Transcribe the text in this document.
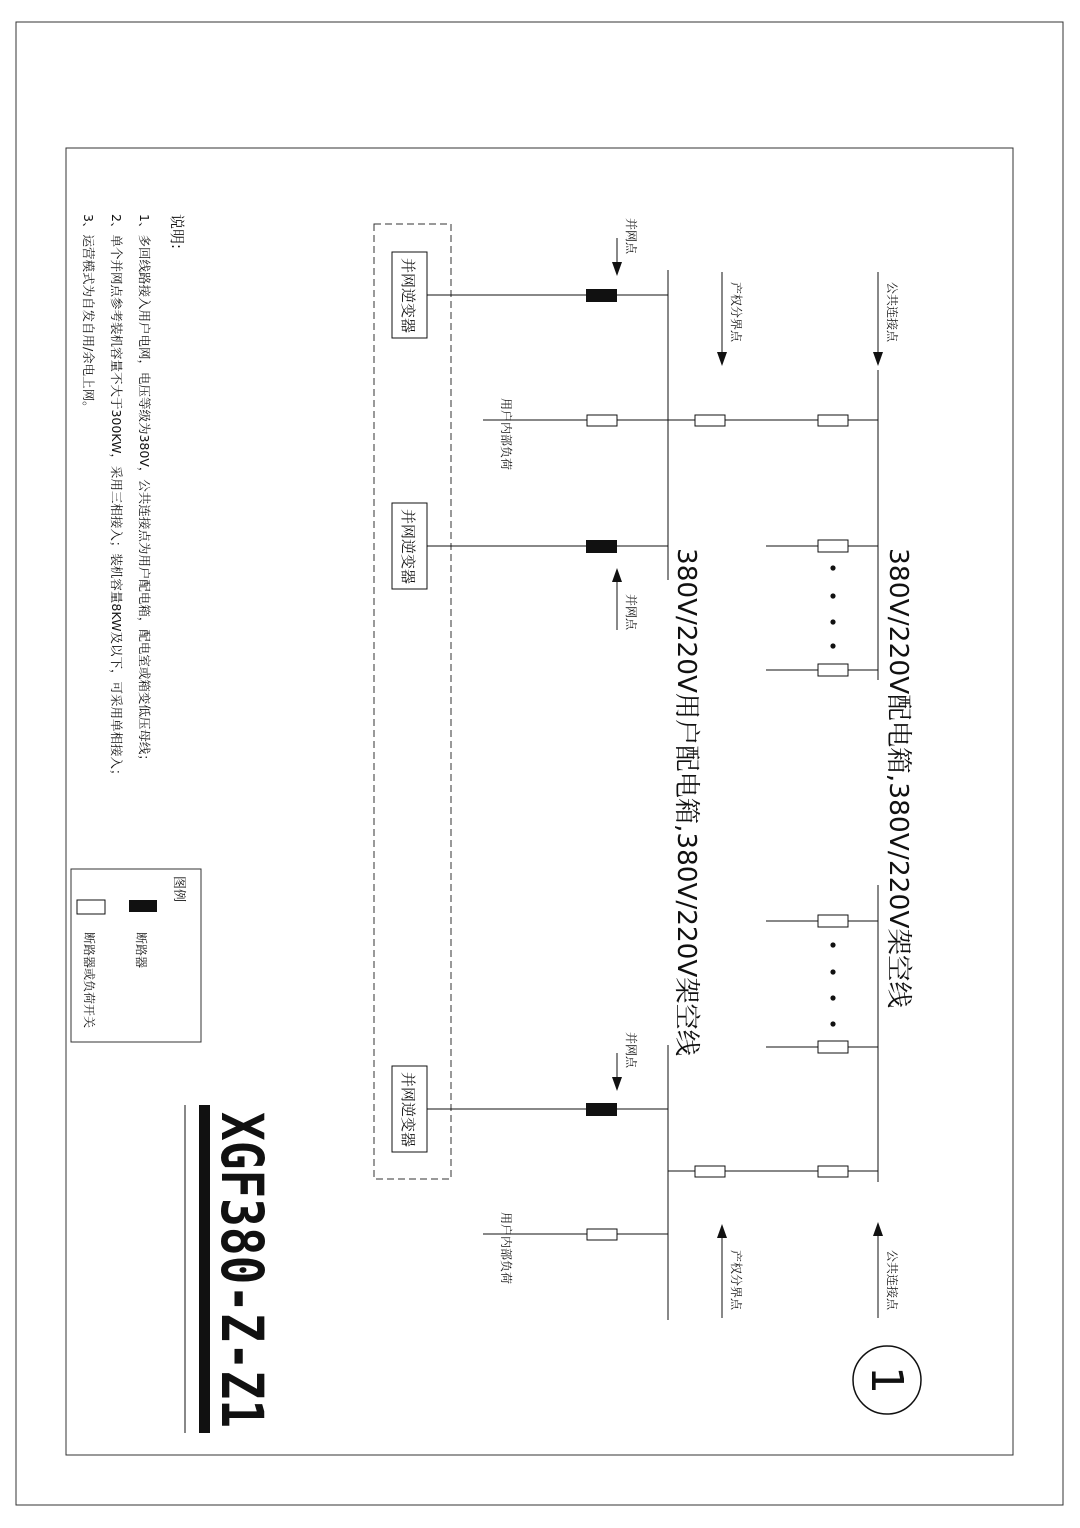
说明:
1、多回线路接入用户电网，电压等级为380V，公共连接点为用户配电箱，配电室或箱变低压母线；
2、单个并网点参考装机容量不大于300KW，采用三相接入；装机容量8KW及以下，可采用单相接入；
3、运营模式为自发自用/余电上网。
图例
断路器
断路器或负荷开关
XGF380-Z-Z1	1
并网逆变器
并网逆变器
并网逆变器
并网点
并网点
并网点 380V/220V用户配电箱,380V/220V架空线	380V/220V配电箱,380V/220V架空线
用户内部负荷
用户内部负荷
产权分界点
产权分界点
公共连接点
公共连接点
